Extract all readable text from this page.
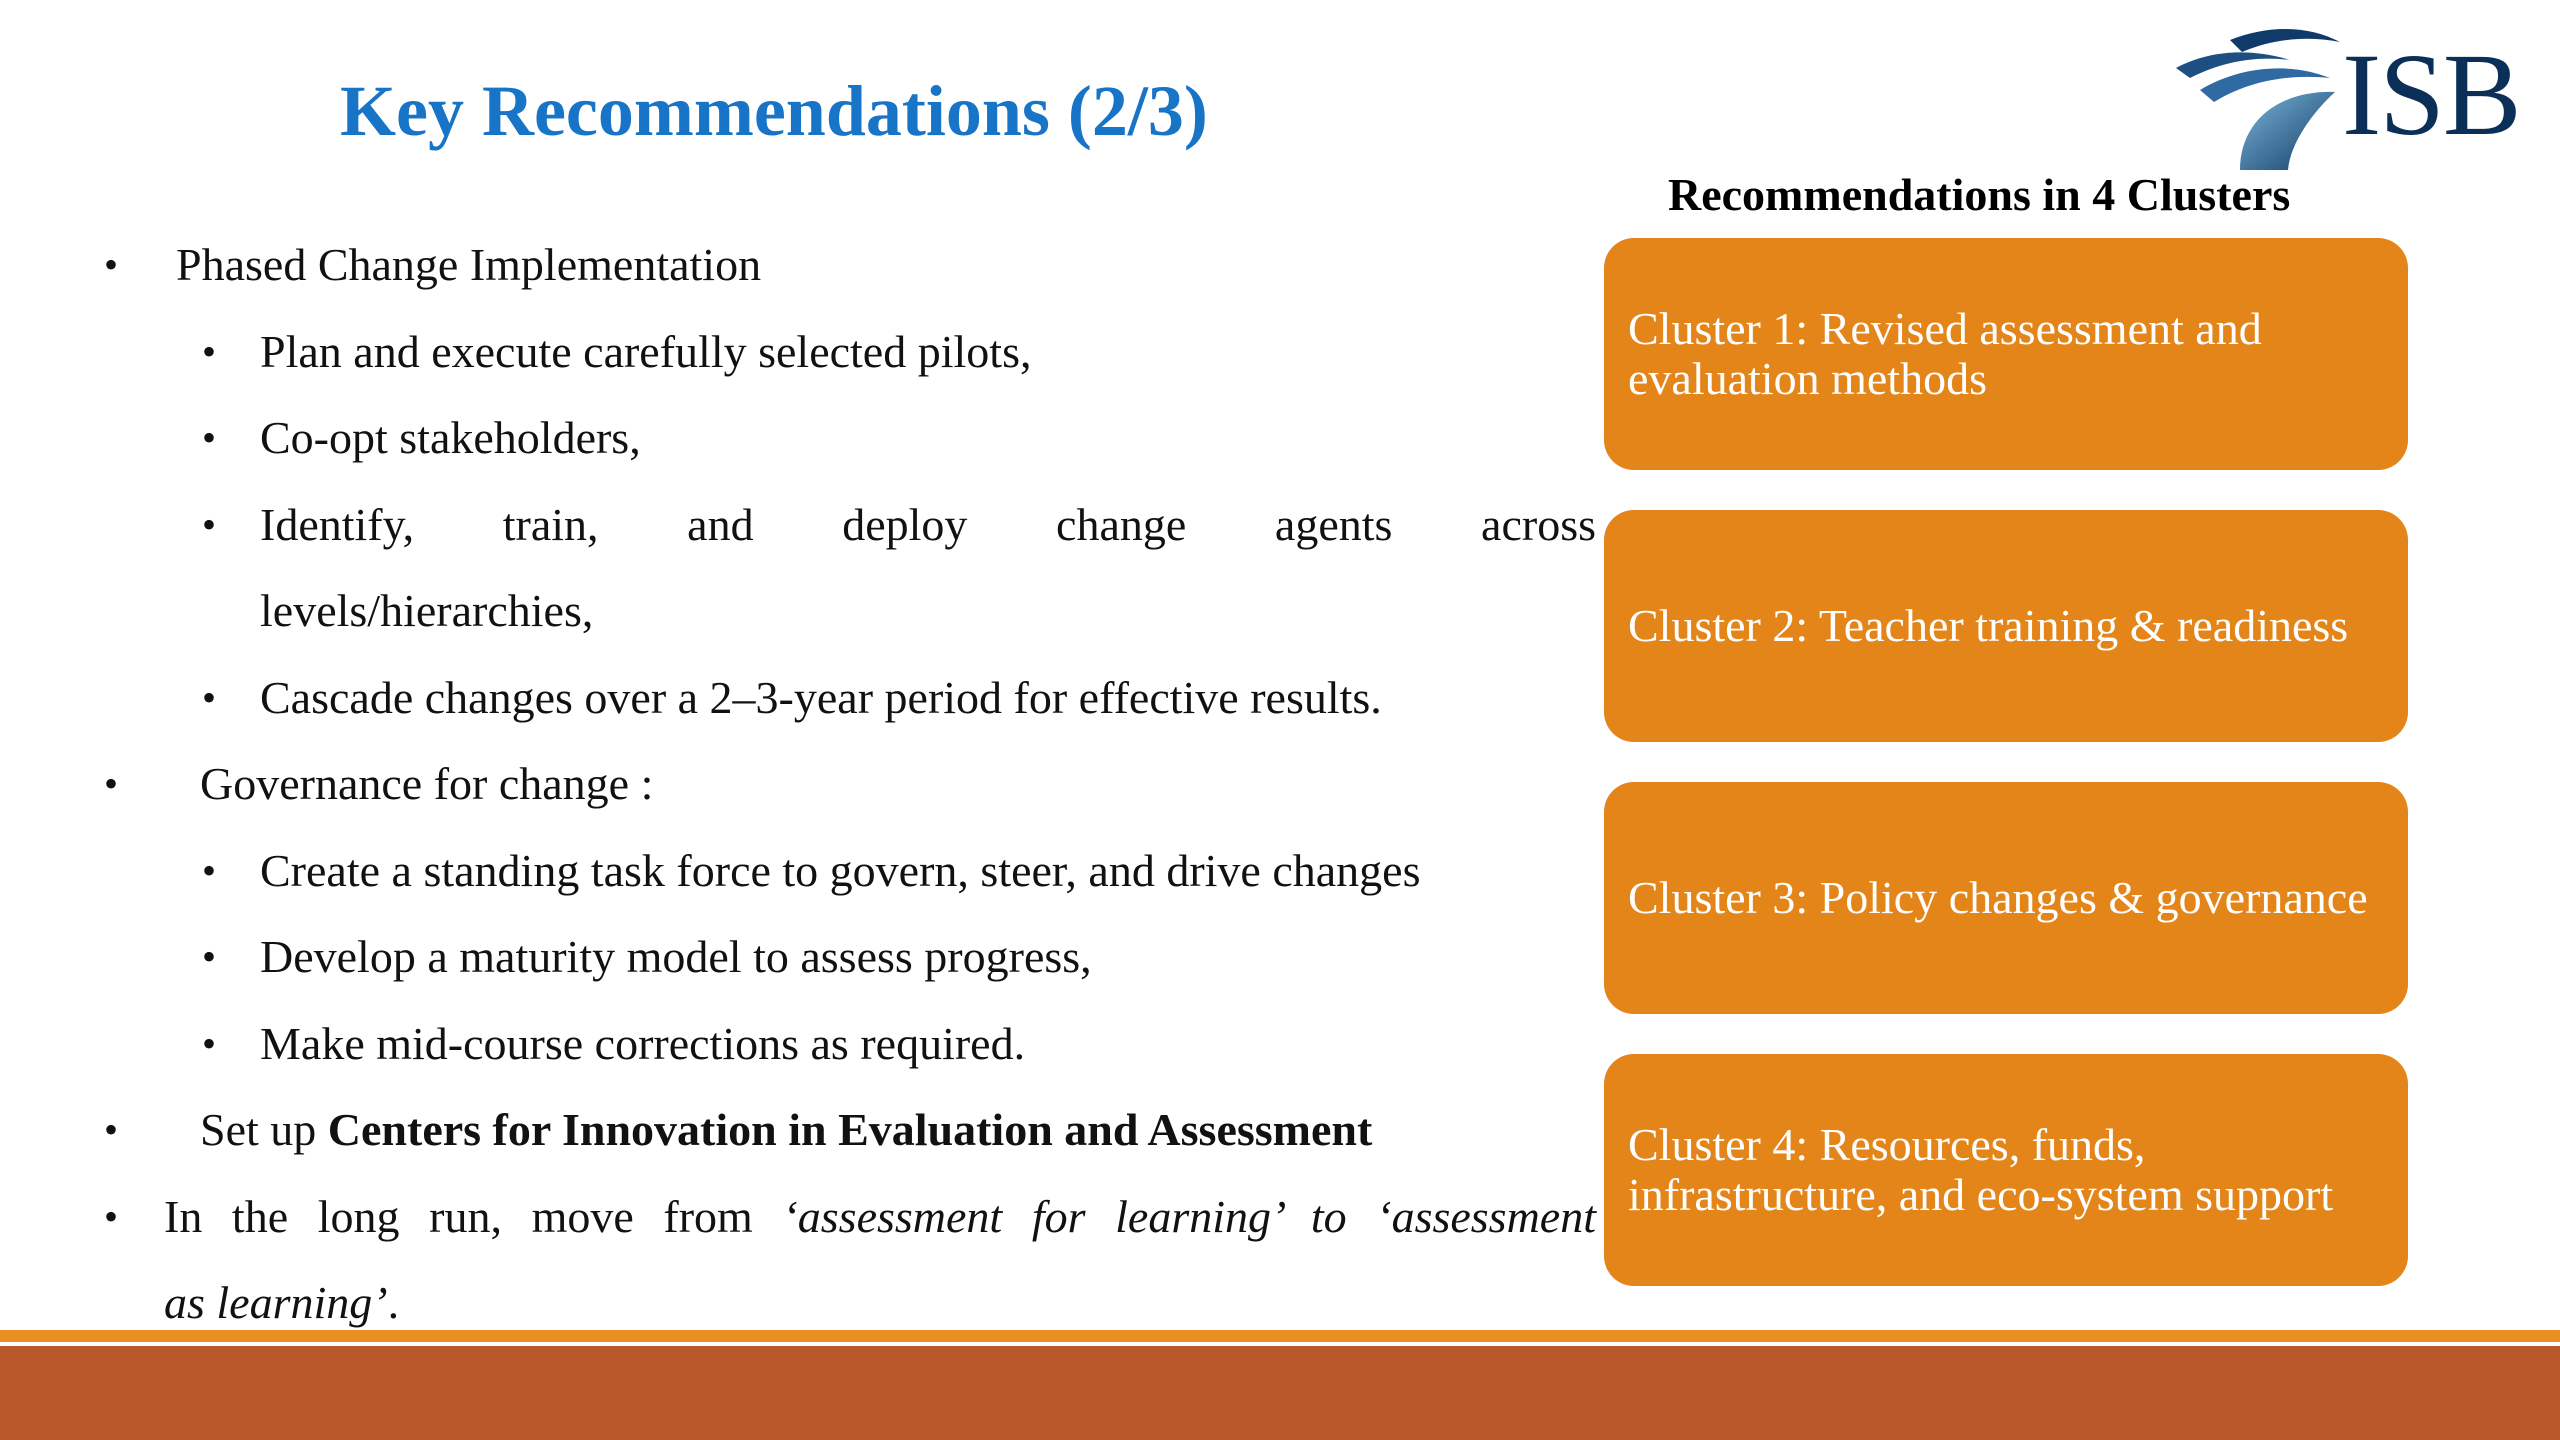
Key Recommendations (2/3)	ISB
• Phased Change Implementation
• Plan and execute carefully selected pilots,
• Co-opt stakeholders,
• Identify, train, and deploy change agents across
levels/hierarchies,
• Cascade changes over a 2–3-year period for effective results.
• Governance for change :
• Create a standing task force to govern, steer, and drive changes
• Develop a maturity model to assess progress,
• Make mid-course corrections as required.
• Set up Centers for Innovation in Evaluation and Assessment
• In the long run, move from ‘assessment for learning’ to ‘assessment
as learning’.
Recommendations in 4 Clusters
Cluster 1: Revised assessment and evaluation methods
Cluster 2: Teacher training & readiness
Cluster 3: Policy changes & governance
Cluster 4: Resources, funds, infrastructure, and eco-system support
